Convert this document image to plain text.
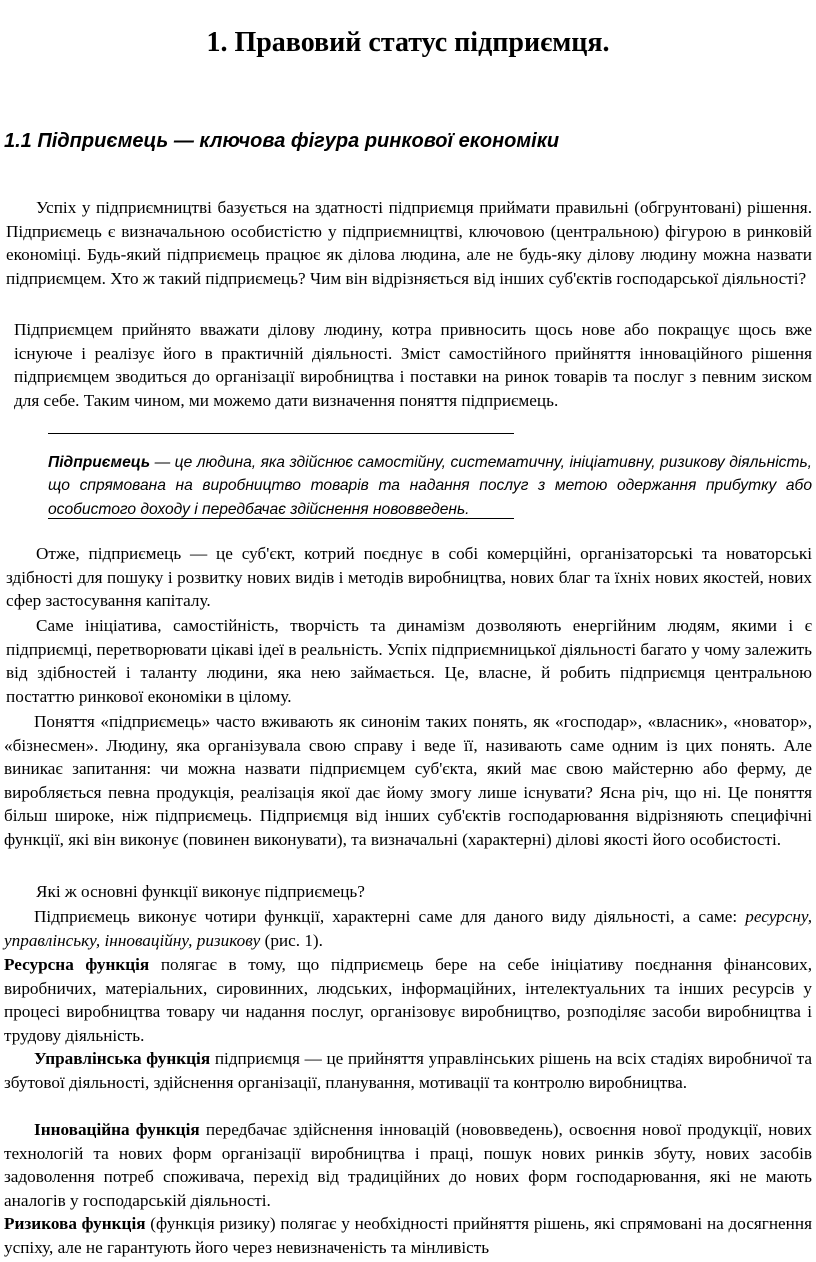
1. Правовий статус підприємця.
1.1 Підприємець — ключова фігура ринкової економіки

Успіх у підприємництві базується на здатності підприємця приймати правильні (обгрунтовані) рішення. Підприємець є визначальною особистістю у підприємництві, ключовою (центральною) фігурою в ринковій економіці. Будь-який підприємець працює як ділова людина, але не будь-яку ділову людину можна назвати підприємцем. Хто ж такий підприємець? Чим він відрізняється від інших суб'єктів господарської діяльності?

Підприємцем прийнято вважати ділову людину, котра привносить щось нове або покращує щось вже існуюче і реалізує його в практичній діяльності. Зміст самостійного прийняття інноваційного рішення підприємцем зводиться до організації виробництва і поставки на ринок товарів та послуг з певним зиском для себе. Таким чином, ми можемо дати визначення поняття підприємець.

Підприємець — це людина, яка здійснює самостійну, систематичну, ініціативну, ризикову діяльність, що спрямована на виробництво товарів та надання послуг з метою одержання прибутку або особистого доходу і передбачає здійснення нововведень.

Отже, підприємець — це суб'єкт, котрий поєднує в собі комерційні, організаторські та новаторські здібності для пошуку і розвитку нових видів і методів виробництва, нових благ та їхніх нових якостей, нових сфер застосування капіталу.

Саме ініціатива, самостійність, творчість та динамізм дозволяють енергійним людям, якими і є підприємці, перетворювати цікаві ідеї в реальність. Успіх підприємницької діяльності багато у чому залежить від здібностей і таланту людини, яка нею займається. Це, власне, й робить підприємця центральною постаттю ринкової економіки в цілому.

Поняття «підприємець» часто вживають як синонім таких понять, як «господар», «власник», «новатор», «бізнесмен». Людину, яка організувала свою справу і веде її, називають саме одним із цих понять. Але виникає запитання: чи можна назвати підприємцем суб'єкта, який має свою майстерню або ферму, де виробляється певна продукція, реалізація якої дає йому змогу лише існувати? Ясна річ, що ні. Це поняття більш широке, ніж підприємець. Підприємця від інших суб'єктів господарювання відрізняють специфічні функції, які він виконує (повинен виконувати), та визначальні (характерні) ділові якості його особистості.

Які ж основні функції виконує підприємець?

Підприємець виконує чотири функції, характерні саме для даного виду діяльності, а саме: ресурсну, управлінську, інноваційну, ризикову (рис. 1).

Ресурсна функція полягає в тому, що підприємець бере на себе ініціативу поєднання фінансових, виробничих, матеріальних, сировинних, людських, інформаційних, інтелектуальних та інших ресурсів у процесі виробництва товару чи надання послуг, організовує виробництво, розподіляє засоби виробництва і трудову діяльність.

Управлінська функція підприємця — це прийняття управлінських рішень на всіх стадіях виробничої та збутової діяльності, здійснення організації, планування, мотивації та контролю виробництва.

Інноваційна функція передбачає здійснення інновацій (нововведень), освоєння нової продукції, нових технологій та нових форм організації виробництва і праці, пошук нових ринків збуту, нових засобів задоволення потреб споживача, перехід від традиційних до нових форм господарювання, які не мають аналогів у господарській діяльності.

Ризикова функція (функція ризику) полягає у необхідності прийняття рішень, які спрямовані на досягнення успіху, але не гарантують його через невизначеність та мінливість
